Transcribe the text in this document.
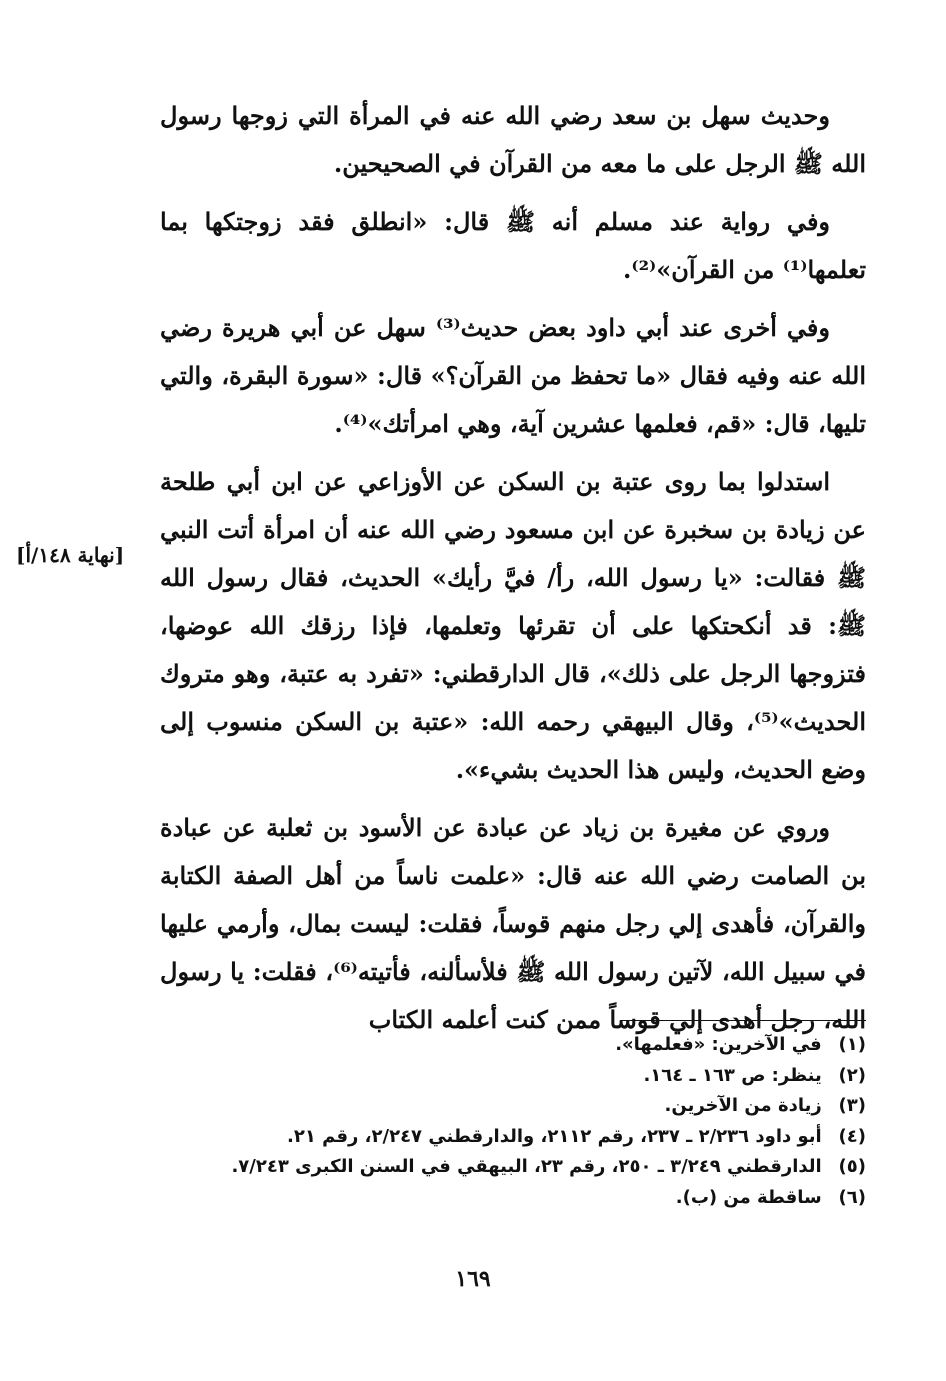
وحديث سهل بن سعد رضي الله عنه في المرأة التي زوجها رسول الله ﷺ الرجل على ما معه من القرآن في الصحيحين.

وفي رواية عند مسلم أنه ﷺ قال: «انطلق فقد زوجتكها بما تعلمها⁽¹⁾ من القرآن»⁽²⁾.

وفي أخرى عند أبي داود بعض حديث⁽³⁾ سهل عن أبي هريرة رضي الله عنه وفيه فقال «ما تحفظ من القرآن؟» قال: «سورة البقرة، والتي تليها، قال: «قم، فعلمها عشرين آية، وهي امرأتك»⁽⁴⁾.

استدلوا بما روى عتبة بن السكن عن الأوزاعي عن ابن أبي طلحة عن زيادة بن سخبرة عن ابن مسعود رضي الله عنه أن امرأة أتت النبي ﷺ فقالت: «يا رسول الله، رأ/ فيَّ رأيك» الحديث، فقال رسول الله ﷺ: قد أنكحتكها على أن تقرئها وتعلمها، فإذا رزقك الله عوضها، فتزوجها الرجل على ذلك»، قال الدارقطني: «تفرد به عتبة، وهو متروك الحديث»⁽⁵⁾، وقال البيهقي رحمه الله: «عتبة بن السكن منسوب إلى وضع الحديث، وليس هذا الحديث بشيء».

وروي عن مغيرة بن زياد عن عبادة عن الأسود بن ثعلبة عن عبادة بن الصامت رضي الله عنه قال: «علمت ناساً من أهل الصفة الكتابة والقرآن، فأهدى إلي رجل منهم قوساً، فقلت: ليست بمال، وأرمي عليها في سبيل الله، لآتين رسول الله ﷺ فلأسألنه، فأتيته⁽⁶⁾، فقلت: يا رسول الله، رجل أهدى إلي قوساً ممن كنت أعلمه الكتاب

[نهاية ١٤٨/أ]

(١) في الآخرين: «فعلمها».

(٢) ينظر: ص ١٦٣ ـ ١٦٤.

(٣) زيادة من الآخرين.

(٤) أبو داود ٢/٢٣٦ ـ ٢٣٧، رقم ٢١١٢، والدارقطني ٢/٢٤٧، رقم ٢١.

(٥) الدارقطني ٣/٢٤٩ ـ ٢٥٠، رقم ٢٣، البيهقي في السنن الكبرى ٧/٢٤٣.

(٦) ساقطة من (ب).

١٦٩
